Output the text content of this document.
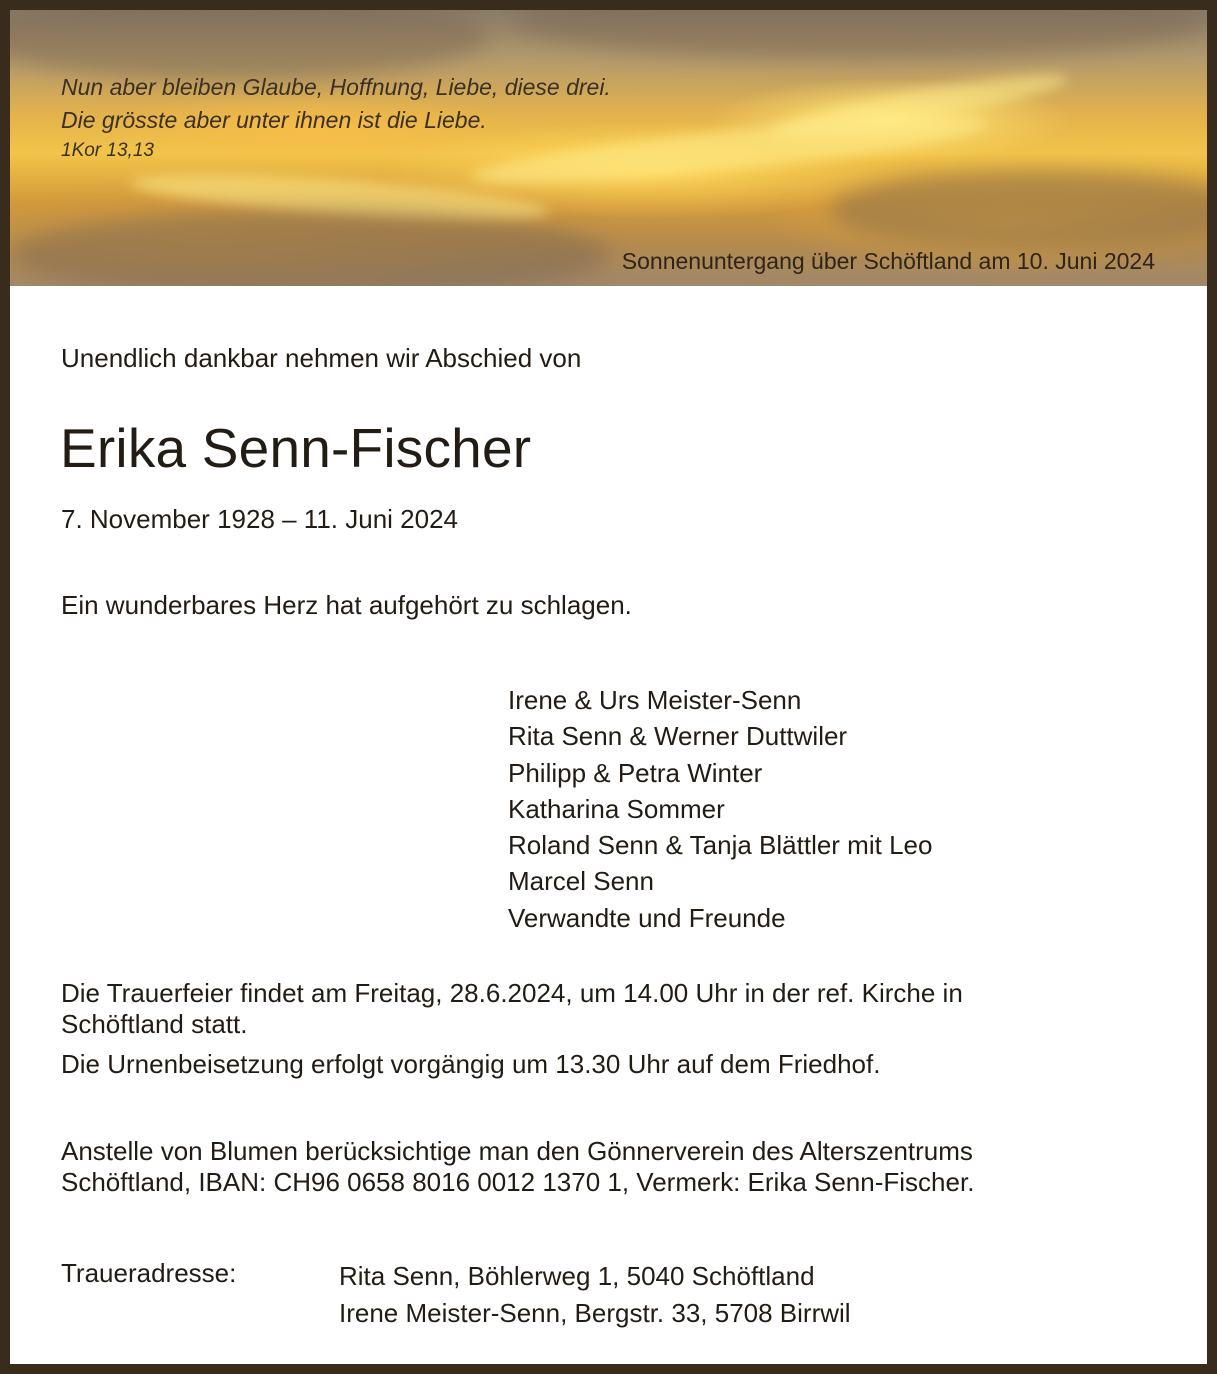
Nun aber bleiben Glaube, Hoffnung, Liebe, diese drei.
Die grösste aber unter ihnen ist die Liebe.
1Kor 13,13
Sonnenuntergang über Schöftland am 10. Juni 2024
Unendlich dankbar nehmen wir Abschied von
Erika Senn-Fischer
7. November 1928 – 11. Juni 2024
Ein wunderbares Herz hat aufgehört zu schlagen.
Irene & Urs Meister-Senn
Rita Senn & Werner Duttwiler
Philipp & Petra Winter
Katharina Sommer
Roland Senn & Tanja Blättler mit Leo
Marcel Senn
Verwandte und Freunde
Die Trauerfeier findet am Freitag, 28.6.2024, um 14.00 Uhr in der ref. Kirche in
Schöftland statt.
Die Urnenbeisetzung erfolgt vorgängig um 13.30 Uhr auf dem Friedhof.
Anstelle von Blumen berücksichtige man den Gönnerverein des Alterszentrums
Schöftland, IBAN: CH96 0658 8016 0012 1370 1, Vermerk: Erika Senn-Fischer.
Traueradresse:	Rita Senn, Böhlerweg 1, 5040 Schöftland
Irene Meister-Senn, Bergstr. 33, 5708 Birrwil
